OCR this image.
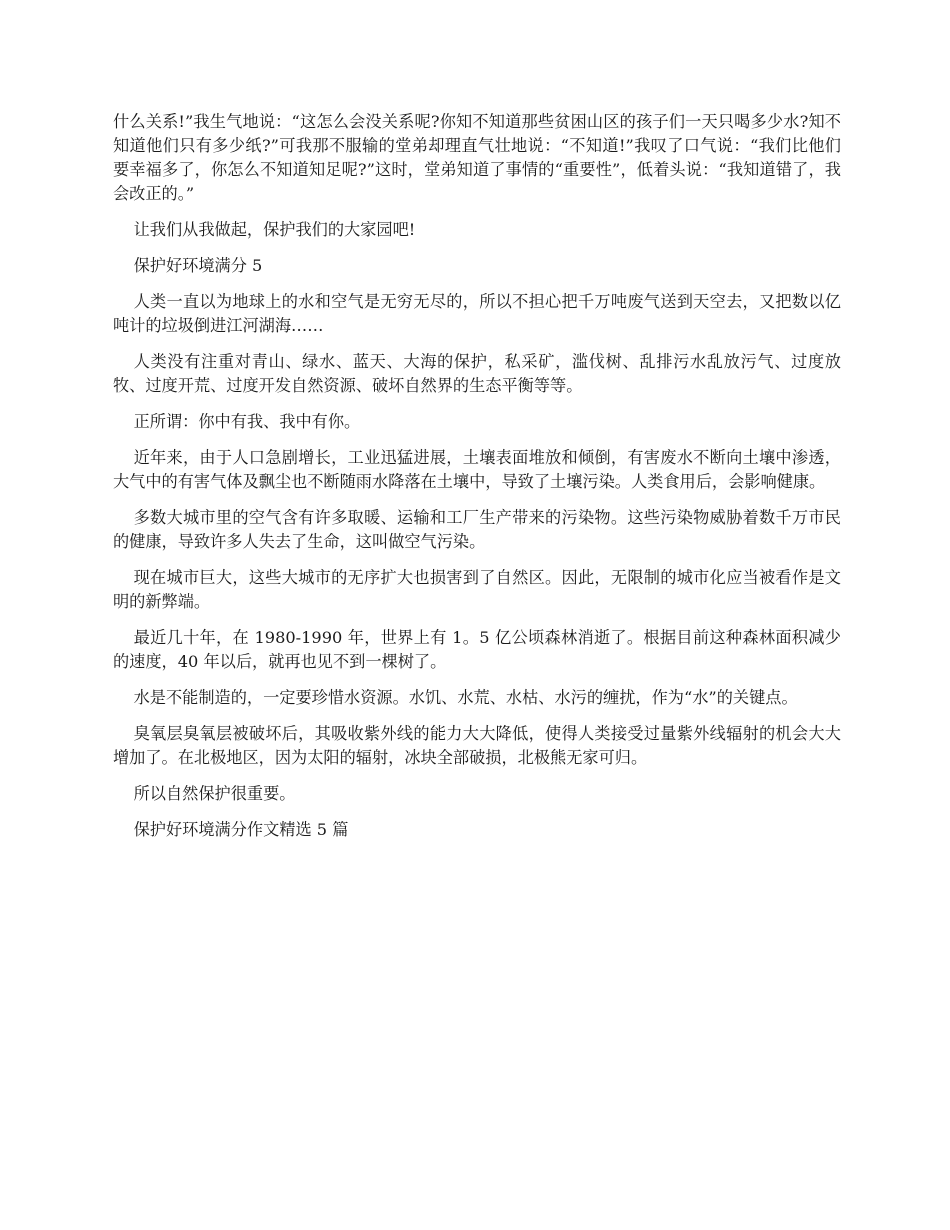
什么关系!”我生气地说：“这怎么会没关系呢?你知不知道那些贫困山区的孩子们一天只喝多少水?知不知道他们只有多少纸?”可我那不服输的堂弟却理直气壮地说：“不知道!”我叹了口气说：“我们比他们要幸福多了，你怎么不知道知足呢?”这时，堂弟知道了事情的“重要性”，低着头说：“我知道错了，我会改正的。”

让我们从我做起，保护我们的大家园吧!

保护好环境满分 5

人类一直以为地球上的水和空气是无穷无尽的，所以不担心把千万吨废气送到天空去，又把数以亿吨计的垃圾倒进江河湖海……

人类没有注重对青山、绿水、蓝天、大海的保护，私采矿，滥伐树、乱排污水乱放污气、过度放牧、过度开荒、过度开发自然资源、破坏自然界的生态平衡等等。

正所谓：你中有我、我中有你。

近年来，由于人口急剧增长，工业迅猛进展，土壤表面堆放和倾倒，有害废水不断向土壤中渗透，大气中的有害气体及飘尘也不断随雨水降落在土壤中，导致了土壤污染。人类食用后，会影响健康。

多数大城市里的空气含有许多取暖、运输和工厂生产带来的污染物。这些污染物威胁着数千万市民的健康，导致许多人失去了生命，这叫做空气污染。

现在城市巨大，这些大城市的无序扩大也损害到了自然区。因此，无限制的城市化应当被看作是文明的新弊端。

最近几十年，在 1980-1990 年，世界上有 1。5 亿公顷森林消逝了。根据目前这种森林面积减少的速度，40 年以后，就再也见不到一棵树了。

水是不能制造的，一定要珍惜水资源。水饥、水荒、水枯、水污的缠扰，作为“水”的关键点。

臭氧层臭氧层被破坏后，其吸收紫外线的能力大大降低，使得人类接受过量紫外线辐射的机会大大增加了。在北极地区，因为太阳的辐射，冰块全部破损，北极熊无家可归。

所以自然保护很重要。

保护好环境满分作文精选 5 篇
